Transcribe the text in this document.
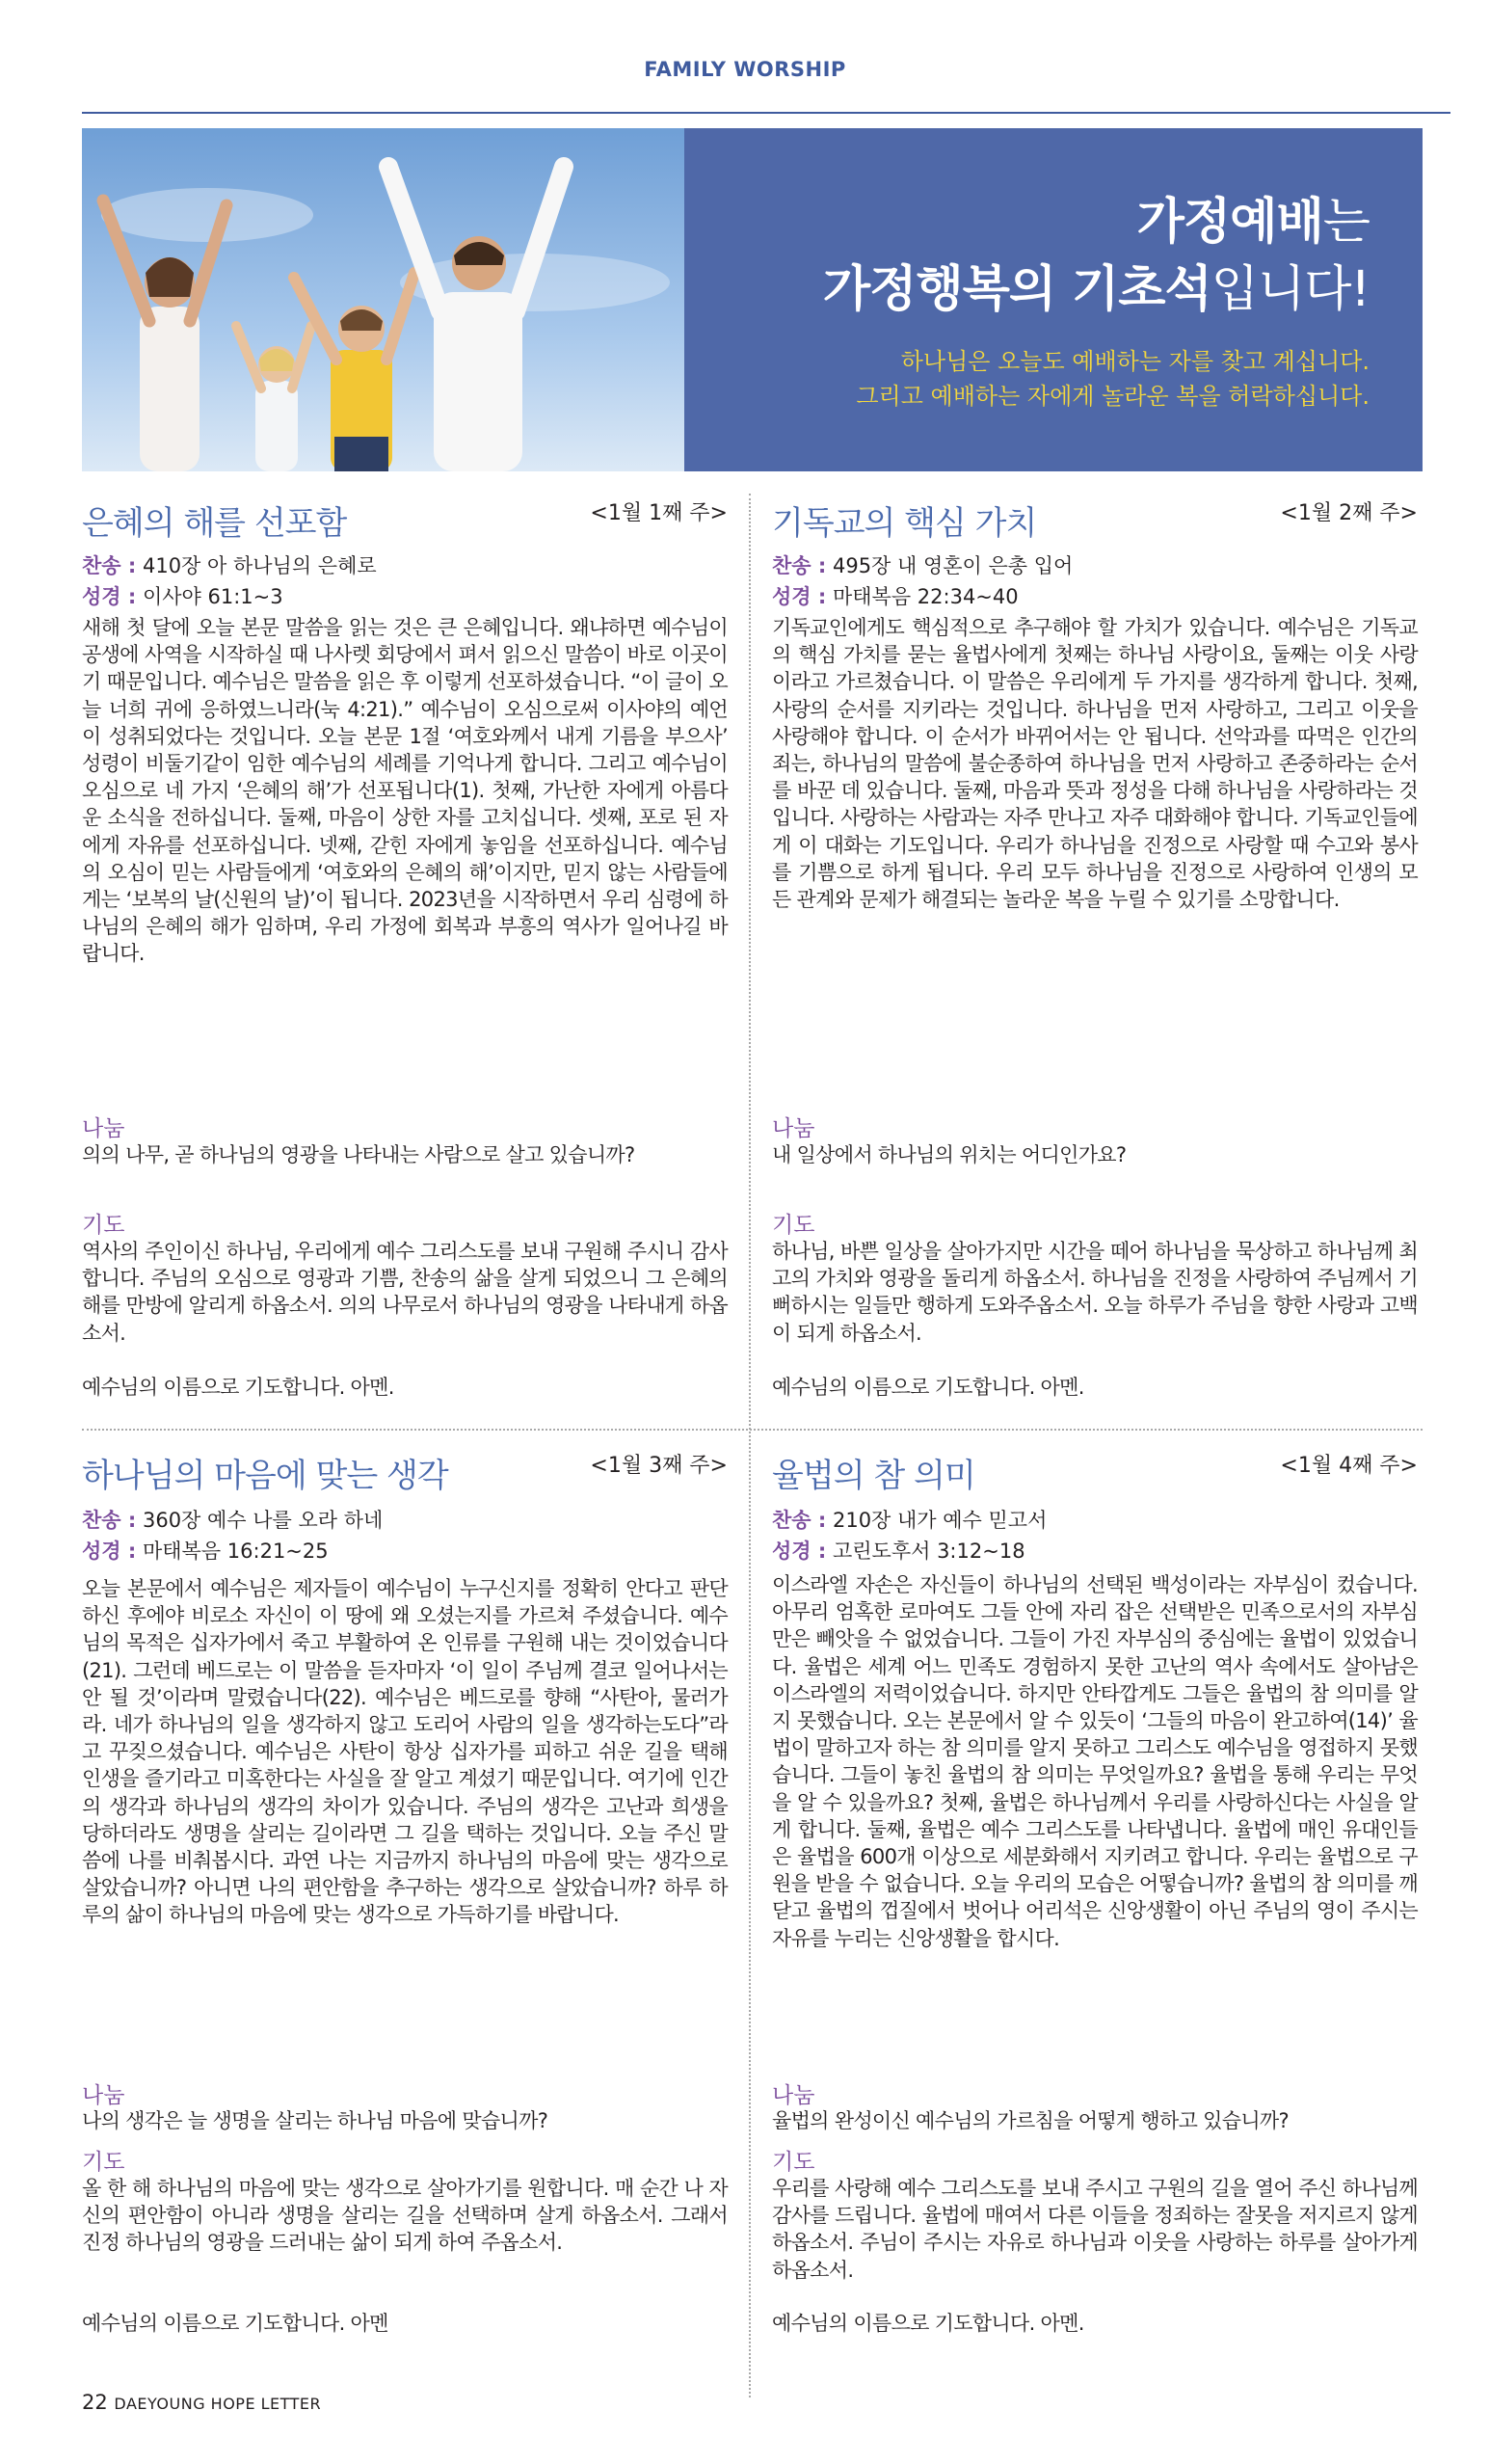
FAMILY WORSHIP
가정예배는
가정행복의 기초석입니다!
하나님은 오늘도 예배하는 자를 찾고 계십니다.
그리고 예배하는 자에게 놀라운 복을 허락하십니다.
은혜의 해를 선포함	<1월 1째 주>
찬송 : 410장 아 하나님의 은혜로
성경 : 이사야 61:1~3
새해 첫 달에 오늘 본문 말씀을 읽는 것은 큰 은혜입니다. 왜냐하면 예수님이 공생에 사역을 시작하실 때 나사렛 회당에서 펴서 읽으신 말씀이 바로 이곳이기 때문입니다. 예수님은 말씀을 읽은 후 이렇게 선포하셨습니다. “이 글이 오늘 너희 귀에 응하였느니라(눅 4:21).” 예수님이 오심으로써 이사야의 예언이 성취되었다는 것입니다. 오늘 본문 1절 ‘여호와께서 내게 기름을 부으사’ 성령이 비둘기같이 임한 예수님의 세례를 기억나게 합니다. 그리고 예수님이 오심으로 네 가지 ‘은혜의 해’가 선포됩니다(1). 첫째, 가난한 자에게 아름다운 소식을 전하십니다. 둘째, 마음이 상한 자를 고치십니다. 셋째, 포로 된 자에게 자유를 선포하십니다. 넷째, 갇힌 자에게 놓임을 선포하십니다. 예수님의 오심이 믿는 사람들에게 ‘여호와의 은혜의 해’이지만, 믿지 않는 사람들에게는 ‘보복의 날(신원의 날)’이 됩니다. 2023년을 시작하면서 우리 심령에 하나님의 은혜의 해가 임하며, 우리 가정에 회복과 부흥의 역사가 일어나길 바랍니다.
나눔
의의 나무, 곧 하나님의 영광을 나타내는 사람으로 살고 있습니까?
기도
역사의 주인이신 하나님, 우리에게 예수 그리스도를 보내 구원해 주시니 감사합니다. 주님의 오심으로 영광과 기쁨, 찬송의 삶을 살게 되었으니 그 은혜의 해를 만방에 알리게 하옵소서. 의의 나무로서 하나님의 영광을 나타내게 하옵소서.
예수님의 이름으로 기도합니다. 아멘.
기독교의 핵심 가치	<1월 2째 주>
찬송 : 495장 내 영혼이 은총 입어
성경 : 마태복음 22:34~40
기독교인에게도 핵심적으로 추구해야 할 가치가 있습니다. 예수님은 기독교의 핵심 가치를 묻는 율법사에게 첫째는 하나님 사랑이요, 둘째는 이웃 사랑이라고 가르쳤습니다. 이 말씀은 우리에게 두 가지를 생각하게 합니다. 첫째, 사랑의 순서를 지키라는 것입니다. 하나님을 먼저 사랑하고, 그리고 이웃을 사랑해야 합니다. 이 순서가 바뀌어서는 안 됩니다. 선악과를 따먹은 인간의 죄는, 하나님의 말씀에 불순종하여 하나님을 먼저 사랑하고 존중하라는 순서를 바꾼 데 있습니다. 둘째, 마음과 뜻과 정성을 다해 하나님을 사랑하라는 것입니다. 사랑하는 사람과는 자주 만나고 자주 대화해야 합니다. 기독교인들에게 이 대화는 기도입니다. 우리가 하나님을 진정으로 사랑할 때 수고와 봉사를 기쁨으로 하게 됩니다. 우리 모두 하나님을 진정으로 사랑하여 인생의 모든 관계와 문제가 해결되는 놀라운 복을 누릴 수 있기를 소망합니다.
나눔
내 일상에서 하나님의 위치는 어디인가요?
기도
하나님, 바쁜 일상을 살아가지만 시간을 떼어 하나님을 묵상하고 하나님께 최고의 가치와 영광을 돌리게 하옵소서. 하나님을 진정을 사랑하여 주님께서 기뻐하시는 일들만 행하게 도와주옵소서. 오늘 하루가 주님을 향한 사랑과 고백이 되게 하옵소서.
예수님의 이름으로 기도합니다. 아멘.
하나님의 마음에 맞는 생각	<1월 3째 주>
찬송 : 360장 예수 나를 오라 하네
성경 : 마태복음 16:21~25
오늘 본문에서 예수님은 제자들이 예수님이 누구신지를 정확히 안다고 판단하신 후에야 비로소 자신이 이 땅에 왜 오셨는지를 가르쳐 주셨습니다. 예수님의 목적은 십자가에서 죽고 부활하여 온 인류를 구원해 내는 것이었습니다(21). 그런데 베드로는 이 말씀을 듣자마자 ‘이 일이 주님께 결코 일어나서는 안 될 것’이라며 말렸습니다(22). 예수님은 베드로를 향해 “사탄아, 물러가라. 네가 하나님의 일을 생각하지 않고 도리어 사람의 일을 생각하는도다”라고 꾸짖으셨습니다. 예수님은 사탄이 항상 십자가를 피하고 쉬운 길을 택해 인생을 즐기라고 미혹한다는 사실을 잘 알고 계셨기 때문입니다. 여기에 인간의 생각과 하나님의 생각의 차이가 있습니다. 주님의 생각은 고난과 희생을 당하더라도 생명을 살리는 길이라면 그 길을 택하는 것입니다. 오늘 주신 말씀에 나를 비춰봅시다. 과연 나는 지금까지 하나님의 마음에 맞는 생각으로 살았습니까? 아니면 나의 편안함을 추구하는 생각으로 살았습니까? 하루 하루의 삶이 하나님의 마음에 맞는 생각으로 가득하기를 바랍니다.
나눔
나의 생각은 늘 생명을 살리는 하나님 마음에 맞습니까?
기도
올 한 해 하나님의 마음에 맞는 생각으로 살아가기를 원합니다. 매 순간 나 자신의 편안함이 아니라 생명을 살리는 길을 선택하며 살게 하옵소서. 그래서 진정 하나님의 영광을 드러내는 삶이 되게 하여 주옵소서.
예수님의 이름으로 기도합니다. 아멘
율법의 참 의미	<1월 4째 주>
찬송 : 210장 내가 예수 믿고서
성경 : 고린도후서 3:12~18
이스라엘 자손은 자신들이 하나님의 선택된 백성이라는 자부심이 컸습니다. 아무리 엄혹한 로마여도 그들 안에 자리 잡은 선택받은 민족으로서의 자부심만은 빼앗을 수 없었습니다. 그들이 가진 자부심의 중심에는 율법이 있었습니다. 율법은 세계 어느 민족도 경험하지 못한 고난의 역사 속에서도 살아남은 이스라엘의 저력이었습니다. 하지만 안타깝게도 그들은 율법의 참 의미를 알지 못했습니다. 오는 본문에서 알 수 있듯이 ‘그들의 마음이 완고하여(14)’ 율법이 말하고자 하는 참 의미를 알지 못하고 그리스도 예수님을 영접하지 못했습니다. 그들이 놓친 율법의 참 의미는 무엇일까요? 율법을 통해 우리는 무엇을 알 수 있을까요? 첫째, 율법은 하나님께서 우리를 사랑하신다는 사실을 알게 합니다. 둘째, 율법은 예수 그리스도를 나타냅니다. 율법에 매인 유대인들은 율법을 600개 이상으로 세분화해서 지키려고 합니다. 우리는 율법으로 구원을 받을 수 없습니다. 오늘 우리의 모습은 어떻습니까? 율법의 참 의미를 깨닫고 율법의 껍질에서 벗어나 어리석은 신앙생활이 아닌 주님의 영이 주시는 자유를 누리는 신앙생활을 합시다.
나눔
율법의 완성이신 예수님의 가르침을 어떻게 행하고 있습니까?
기도
우리를 사랑해 예수 그리스도를 보내 주시고 구원의 길을 열어 주신 하나님께 감사를 드립니다. 율법에 매여서 다른 이들을 정죄하는 잘못을 저지르지 않게 하옵소서. 주님이 주시는 자유로 하나님과 이웃을 사랑하는 하루를 살아가게 하옵소서.
예수님의 이름으로 기도합니다. 아멘.
22 DAEYOUNG HOPE LETTER
